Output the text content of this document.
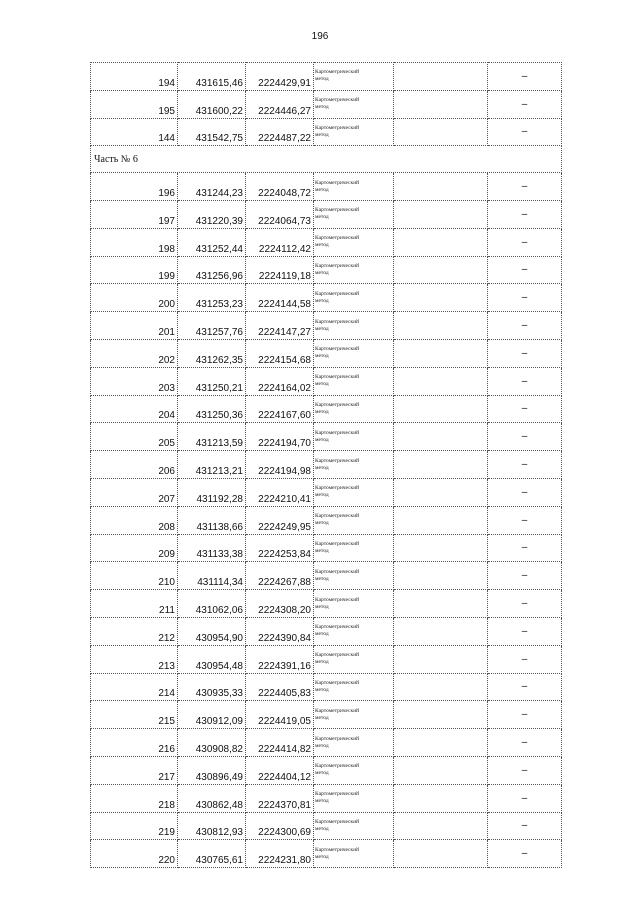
196
194	431615,46	2224429,91	Картометрический
метод		–
195	431600,22	2224446,27	Картометрический
метод		–
144	431542,75	2224487,22	Картометрический
метод		–
Часть № 6					
196	431244,23	2224048,72	Картометрический
метод		–
197	431220,39	2224064,73	Картометрический
метод		–
198	431252,44	2224112,42	Картометрический
метод		–
199	431256,96	2224119,18	Картометрический
метод		–
200	431253,23	2224144,58	Картометрический
метод		–
201	431257,76	2224147,27	Картометрический
метод		–
202	431262,35	2224154,68	Картометрический
метод		–
203	431250,21	2224164,02	Картометрический
метод		–
204	431250,36	2224167,60	Картометрический
метод		–
205	431213,59	2224194,70	Картометрический
метод		–
206	431213,21	2224194,98	Картометрический
метод		–
207	431192,28	2224210,41	Картометрический
метод		–
208	431138,66	2224249,95	Картометрический
метод		–
209	431133,38	2224253,84	Картометрический
метод		–
210	431114,34	2224267,88	Картометрический
метод		–
211	431062,06	2224308,20	Картометрический
метод		–
212	430954,90	2224390,84	Картометрический
метод		–
213	430954,48	2224391,16	Картометрический
метод		–
214	430935,33	2224405,83	Картометрический
метод		–
215	430912,09	2224419,05	Картометрический
метод		–
216	430908,82	2224414,82	Картометрический
метод		–
217	430896,49	2224404,12	Картометрический
метод		–
218	430862,48	2224370,81	Картометрический
метод		–
219	430812,93	2224300,69	Картометрический
метод		–
220	430765,61	2224231,80	Картометрический
метод		–
